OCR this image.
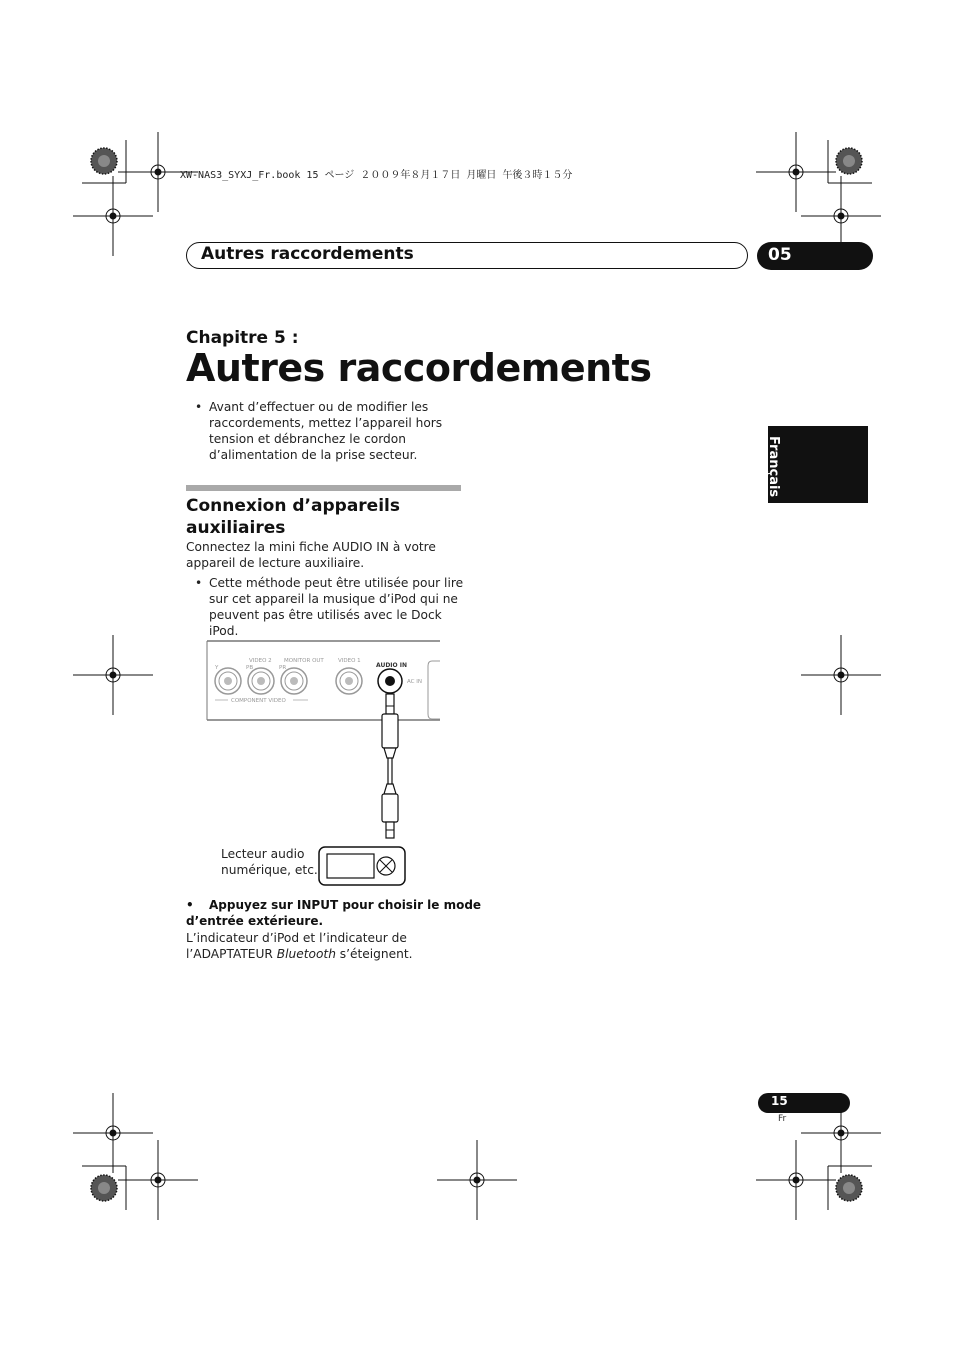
XW-NAS3_SYXJ_Fr.book 15 ページ ２００９年８月１７日 月曜日 午後３時１５分
Autres raccordements	05
Chapitre 5 :
Autres raccordements
• Avant d’effectuer ou de modifier les raccordements, mettez l’appareil hors tension et débranchez le cordon d’alimentation de la prise secteur.	Français
Connexion d’appareils auxiliaires
Connectez la mini fiche AUDIO IN à votre appareil de lecture auxiliaire.
• Cette méthode peut être utilisée pour lire sur cet appareil la musique d’iPod qui ne peuvent pas être utilisés avec le Dock iPod.
VIDEO 2 MONITOR OUT	VIDEO 1
Y	PB	PR
COMPONENT VIDEO
AUDIO IN
AC IN
Lecteur audio
numérique, etc.
• Appuyez sur INPUT pour choisir le mode
d’entrée extérieure.
L’indicateur d’iPod et l’indicateur de
l’ADAPTATEUR Bluetooth s’éteignent.
15
Fr
